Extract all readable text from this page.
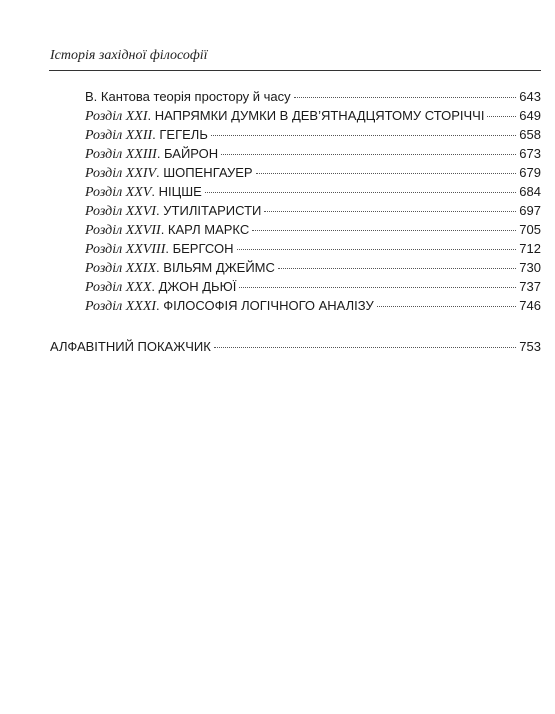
Історія західної філософії
В. Кантова теорія простору й часу	643
Розділ XXI. НАПРЯМКИ ДУМКИ В ДЕВ’ЯТНАДЦЯТОМУ СТОРІЧЧІ	649
Розділ XXII. ГЕГЕЛЬ	658
Розділ XXIII. БАЙРОН	673
Розділ XXIV. ШОПЕНГАУЕР	679
Розділ XXV. НІЦШЕ	684
Розділ XXVI. УТИЛІТАРИСТИ	697
Розділ XXVII. КАРЛ МАРКС	705
Розділ XXVIII. БЕРГСОН	712
Розділ XXIX. ВІЛЬЯМ ДЖЕЙМС	730
Розділ XXX. ДЖОН ДЬЮЇ	737
Розділ XXXI. ФІЛОСОФІЯ ЛОГІЧНОГО АНАЛІЗУ	746
АЛФАВІТНИЙ ПОКАЖЧИК	753
